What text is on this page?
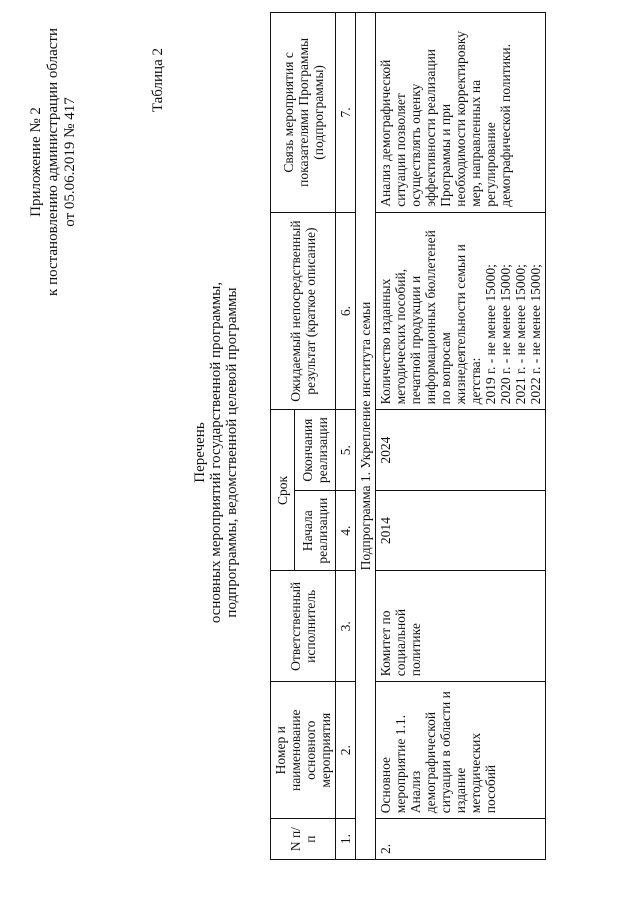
Приложение № 2 к постановлению администрации области от 05.06.2019 № 417
Таблица 2
Перечень основных мероприятий государственной программы, подпрограммы, ведомственной целевой программы
N п/п	Номер и наименование основного мероприятия	Ответственный исполнитель	Срок		Ожидаемый непосредственный результат (краткое описание)	Связь мероприятия с показателями Программы (подпрограммы)
			Начала реализации	Окончания реализации		
1.	2.	3.	4.	5.	6.	7.
Подпрограмма 1. Укрепление института семьи						
2.	Основное мероприятие 1.1. Анализ демографической ситуации в области и издание методических пособий	Комитет по социальной политике	2014	2024	Количество изданных методических пособий, печатной продукции и информационных бюллетеней по вопросам жизнедеятельности семьи и детства:
2019 г. - не менее 15000;
2020 г. - не менее 15000;
2021 г. - не менее 15000;
2022 г. - не менее 15000;	Анализ демографической ситуации позволяет осуществлять оценку эффективности реализации Программы и при необходимости корректировку мер, направленных на регулирование демографической политики.
